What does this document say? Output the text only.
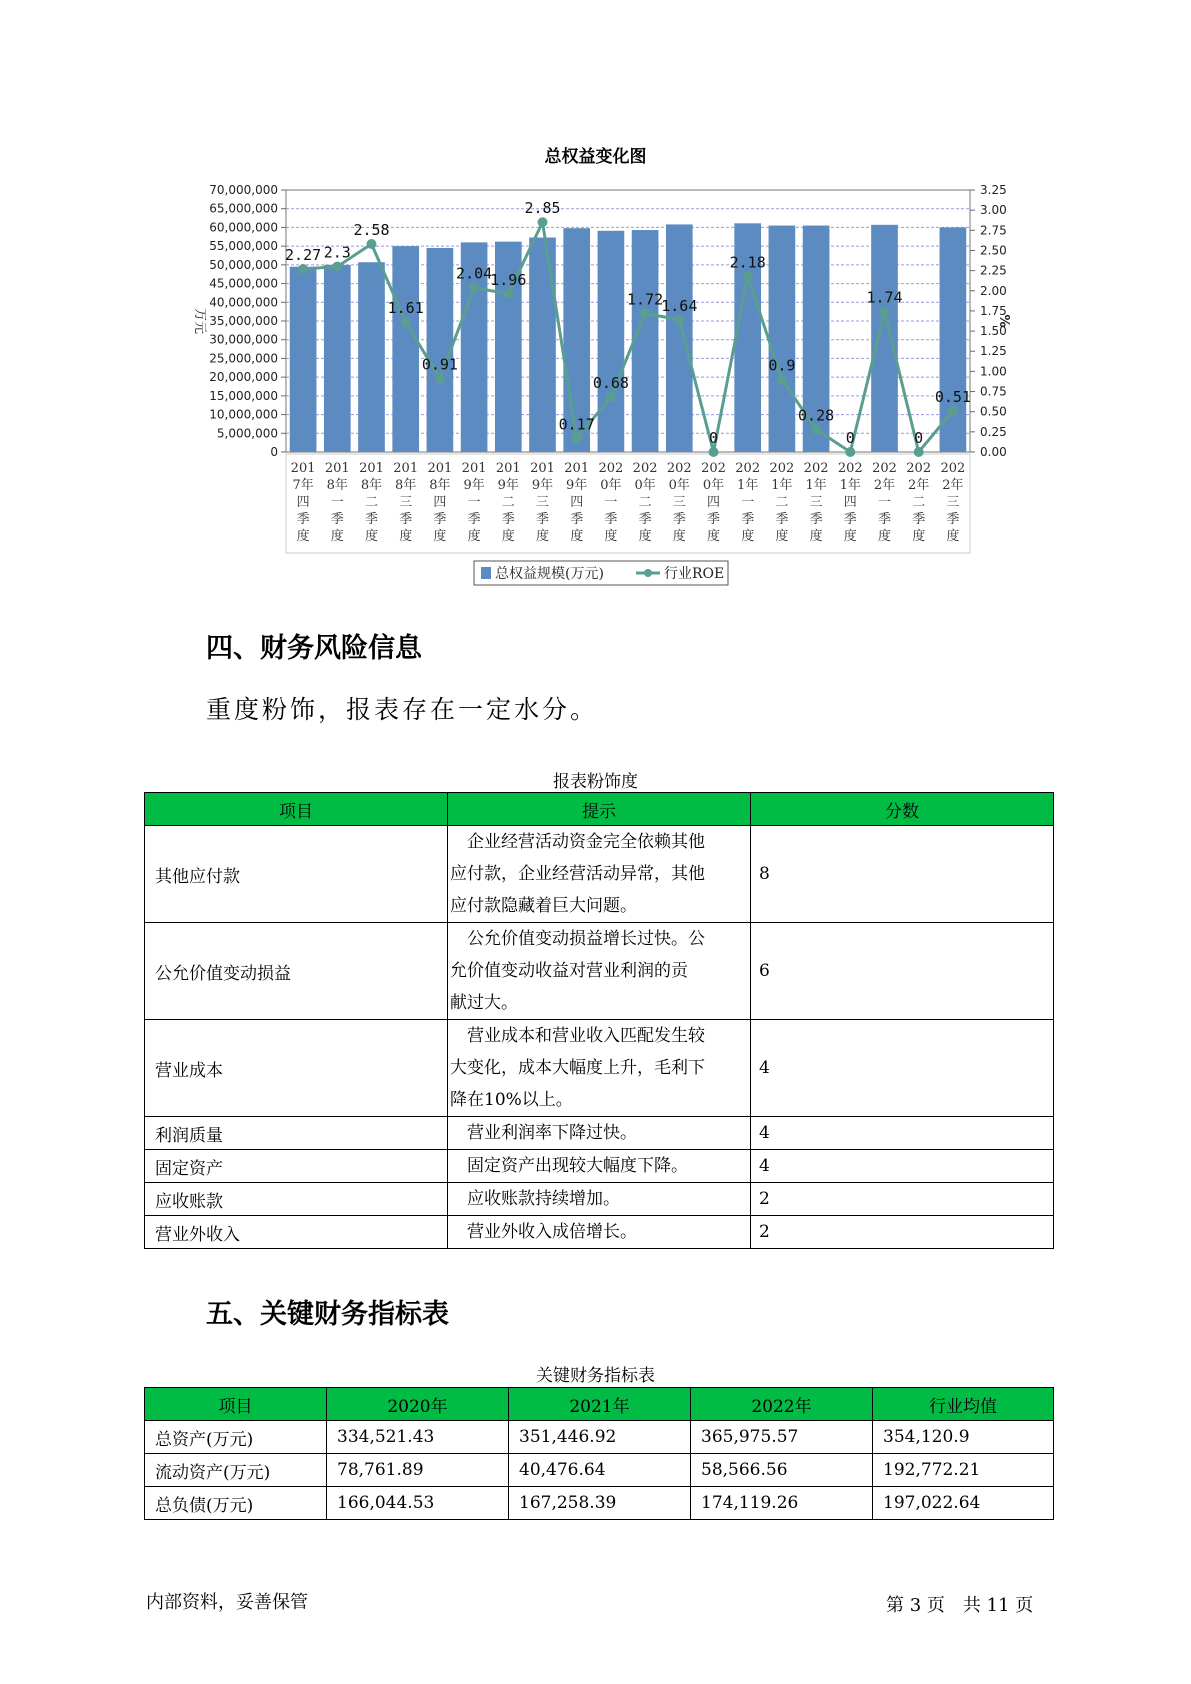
总权益变化图
0
5,000,000
10,000,000
15,000,000
20,000,000
25,000,000
30,000,000
35,000,000
40,000,000
45,000,000
50,000,000
55,000,000
60,000,000
65,000,000
70,000,000
0.00
0.25
0.50
0.75
1.00
1.25
1.50
1.75
2.00
2.25
2.50
2.75
3.00
3.25
万元	%
201 7年四季度
201 8年一季度
201 8年二季度
201 8年三季度
201 8年四季度
201 9年一季度
201 9年二季度
201 9年三季度
201 9年四季度
202 0年一季度
202 0年二季度
202 0年三季度
202 0年四季度
202 1年一季度
202 1年二季度
202 1年三季度
202 1年四季度
202 2年一季度
202 2年二季度
202 2年三季度
2.27 2.3
2.58
1.61
0.91
2.04
1.96
2.85
0.17
0.68
1.72
1.64
0
2.18
0.9
0.28
0
1.74
0
0.51
总权益规模(万元)	行业ROE
四、财务风险信息
重度粉饰，报表存在一定水分。
报表粉饰度
项目	提示	分数
其他应付款	　企业经营活动资金完全依赖其他
应付款，企业经营活动异常，其他
应付款隐藏着巨大问题。	8
公允价值变动损益	　公允价值变动损益增长过快。公
允价值变动收益对营业利润的贡
献过大。	6
营业成本	　营业成本和营业收入匹配发生较
大变化，成本大幅度上升，毛利下
降在10%以上。	4
利润质量	　营业利润率下降过快。	4
固定资产	　固定资产出现较大幅度下降。	4
应收账款	　应收账款持续增加。	2
营业外收入	　营业外收入成倍增长。	2
五、关键财务指标表
关键财务指标表
项目	2020年	2021年	2022年	行业均值
总资产(万元)	334,521.43	351,446.92	365,975.57	354,120.9
流动资产(万元)	78,761.89	40,476.64	58,566.56	192,772.21
总负债(万元)	166,044.53	167,258.39	174,119.26	197,022.64
内部资料，妥善保管	第 3 页　共 11 页
